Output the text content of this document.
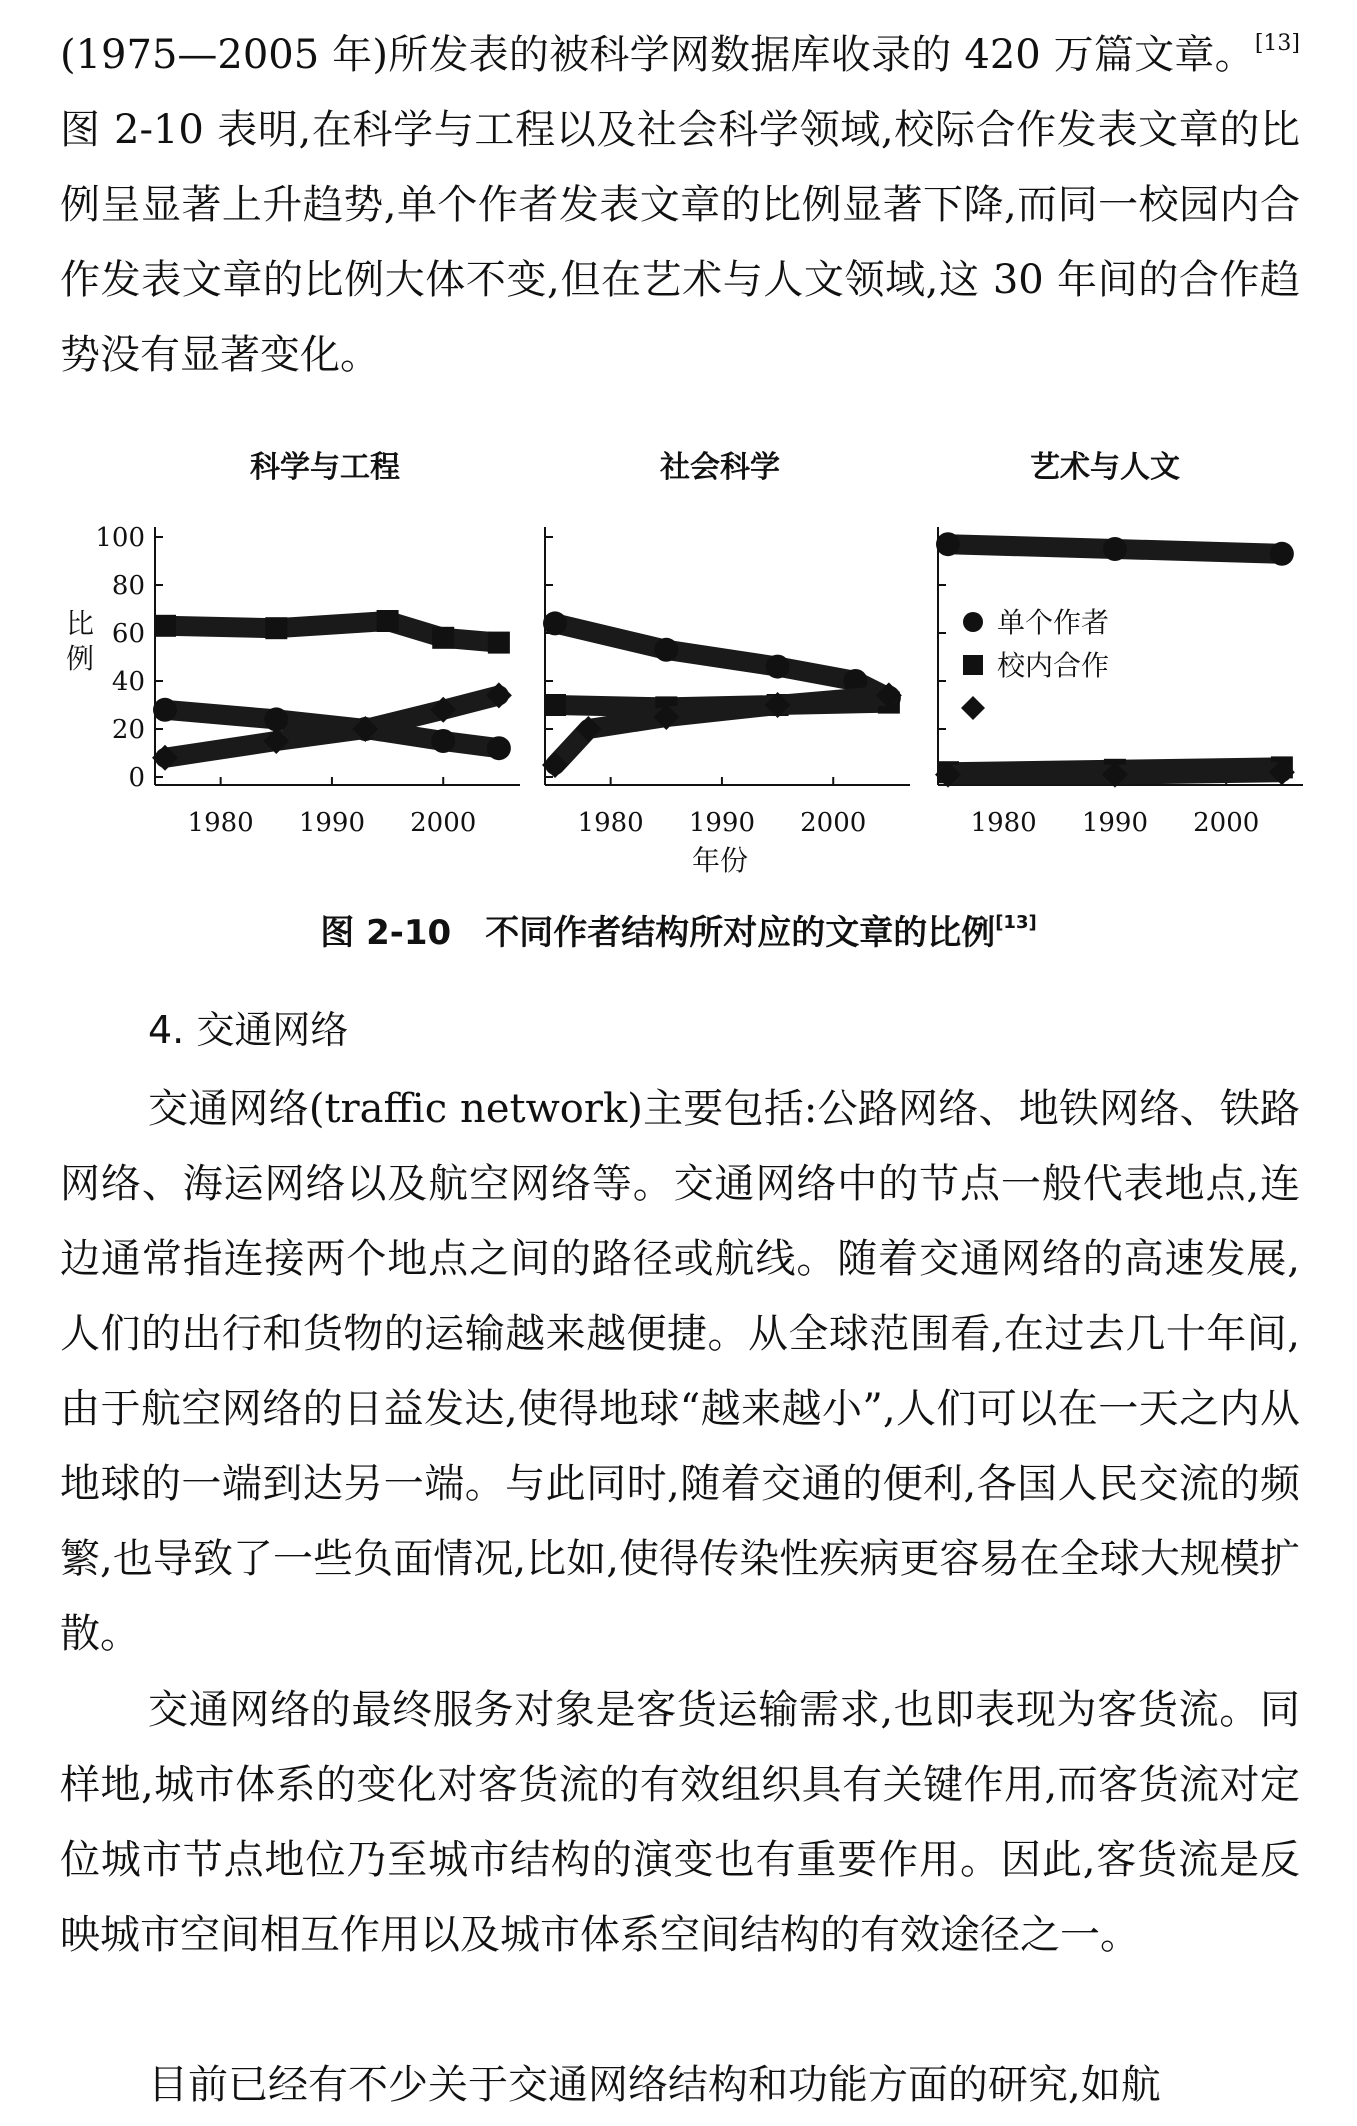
(1975—2005 年)所发表的被科学网数据库收录的 420 万篇文章。[13]图 2-10 表明,在科学与工程以及社会科学领域,校际合作发表文章的比例呈显著上升趋势,单个作者发表文章的比例显著下降,而同一校园内合作发表文章的比例大体不变,但在艺术与人文领域,这 30 年间的合作趋势没有显著变化。

科学与工程
0
20
40
60
80
100
1980 1990 2000
社会科学
1980 1990 2000
艺术与人文
1980 1990 2000
比
例
年份
单个作者
校内合作
图 2-10 不同作者结构所对应的文章的比例[13]
4. 交通网络

交通网络(traffic network)主要包括:公路网络、地铁网络、铁路网络、海运网络以及航空网络等。交通网络中的节点一般代表地点,连边通常指连接两个地点之间的路径或航线。随着交通网络的高速发展,人们的出行和货物的运输越来越便捷。从全球范围看,在过去几十年间,由于航空网络的日益发达,使得地球“越来越小”,人们可以在一天之内从地球的一端到达另一端。与此同时,随着交通的便利,各国人民交流的频繁,也导致了一些负面情况,比如,使得传染性疾病更容易在全球大规模扩散。

交通网络的最终服务对象是客货运输需求,也即表现为客货流。同样地,城市体系的变化对客货流的有效组织具有关键作用,而客货流对定位城市节点地位乃至城市结构的演变也有重要作用。因此,客货流是反映城市空间相互作用以及城市体系空间结构的有效途径之一。

目前已经有不少关于交通网络结构和功能方面的研究,如航
